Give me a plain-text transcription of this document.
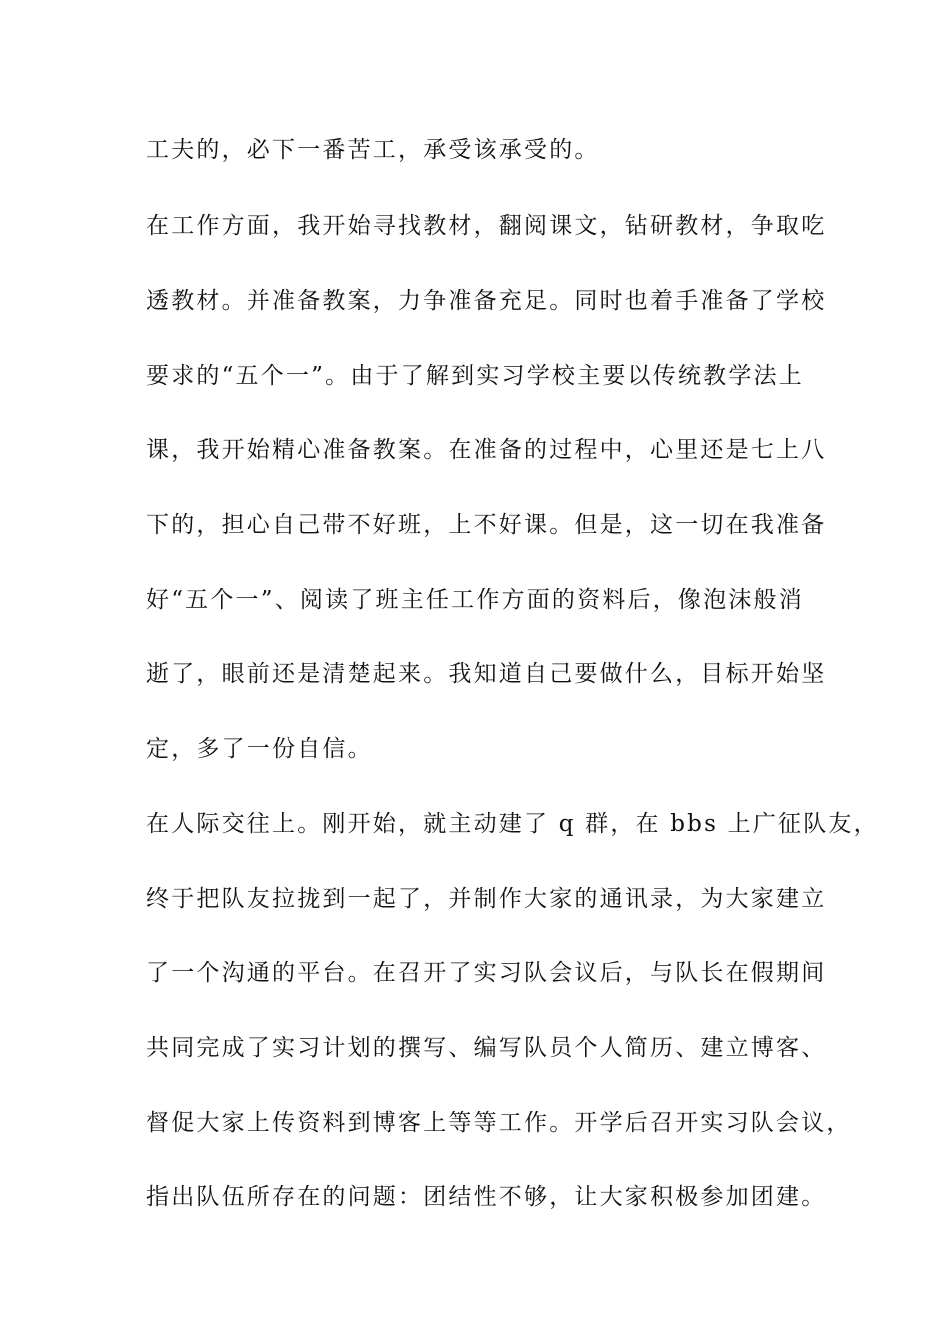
工夫的，必下一番苦工，承受该承受的。
在工作方面，我开始寻找教材，翻阅课文，钻研教材，争取吃
透教材。并准备教案，力争准备充足。同时也着手准备了学校
要求的“五个一”。由于了解到实习学校主要以传统教学法上
课，我开始精心准备教案。在准备的过程中，心里还是七上八
下的，担心自己带不好班，上不好课。但是，这一切在我准备
好“五个一”、阅读了班主任工作方面的资料后，像泡沫般消
逝了，眼前还是清楚起来。我知道自己要做什么，目标开始坚
定，多了一份自信。
在人际交往上。刚开始，就主动建了 q 群，在 bbs 上广征队友，
终于把队友拉拢到一起了，并制作大家的通讯录，为大家建立
了一个沟通的平台。在召开了实习队会议后，与队长在假期间
共同完成了实习计划的撰写、编写队员个人简历、建立博客、
督促大家上传资料到博客上等等工作。开学后召开实习队会议，
指出队伍所存在的问题：团结性不够，让大家积极参加团建。
